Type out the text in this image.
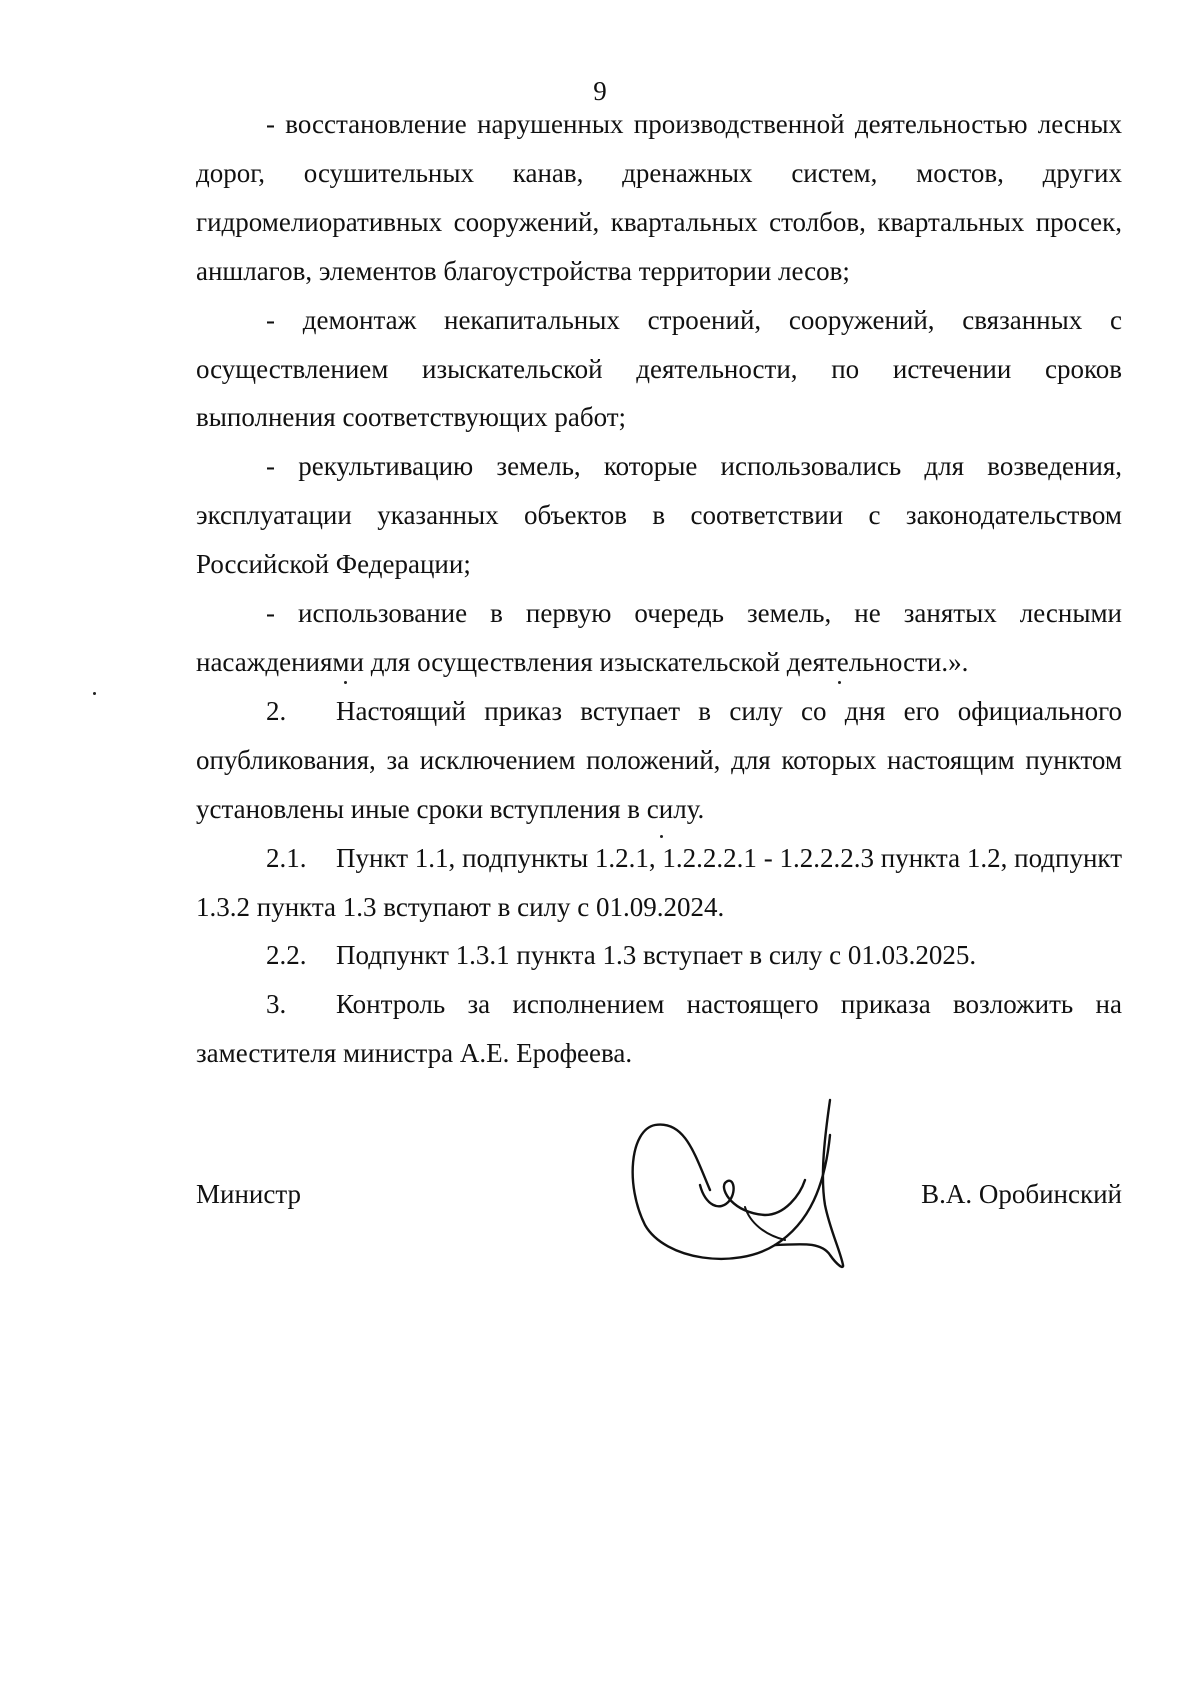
9

- восстановление нарушенных производственной деятельностью лесных дорог, осушительных канав, дренажных систем, мостов, других гидромелиоративных сооружений, квартальных столбов, квартальных просек, аншлагов, элементов благоустройства территории лесов;

- демонтаж некапитальных строений, сооружений, связанных с осуществлением изыскательской деятельности, по истечении сроков выполнения соответствующих работ;

- рекультивацию земель, которые использовались для возведения, эксплуатации указанных объектов в соответствии с законодательством Российской Федерации;

- использование в первую очередь земель, не занятых лесными насаждениями для осуществления изыскательской деятельности.».

2. Настоящий приказ вступает в силу со дня его официального опубликования, за исключением положений, для которых настоящим пунктом установлены иные сроки вступления в силу.

2.1. Пункт 1.1, подпункты 1.2.1, 1.2.2.2.1 - 1.2.2.2.3 пункта 1.2, подпункт 1.3.2 пункта 1.3 вступают в силу с 01.09.2024.

2.2. Подпункт 1.3.1 пункта 1.3 вступает в силу с 01.03.2025.

3. Контроль за исполнением настоящего приказа возложить на заместителя министра А.Е. Ерофеева.

Министр	В.А. Оробинский
